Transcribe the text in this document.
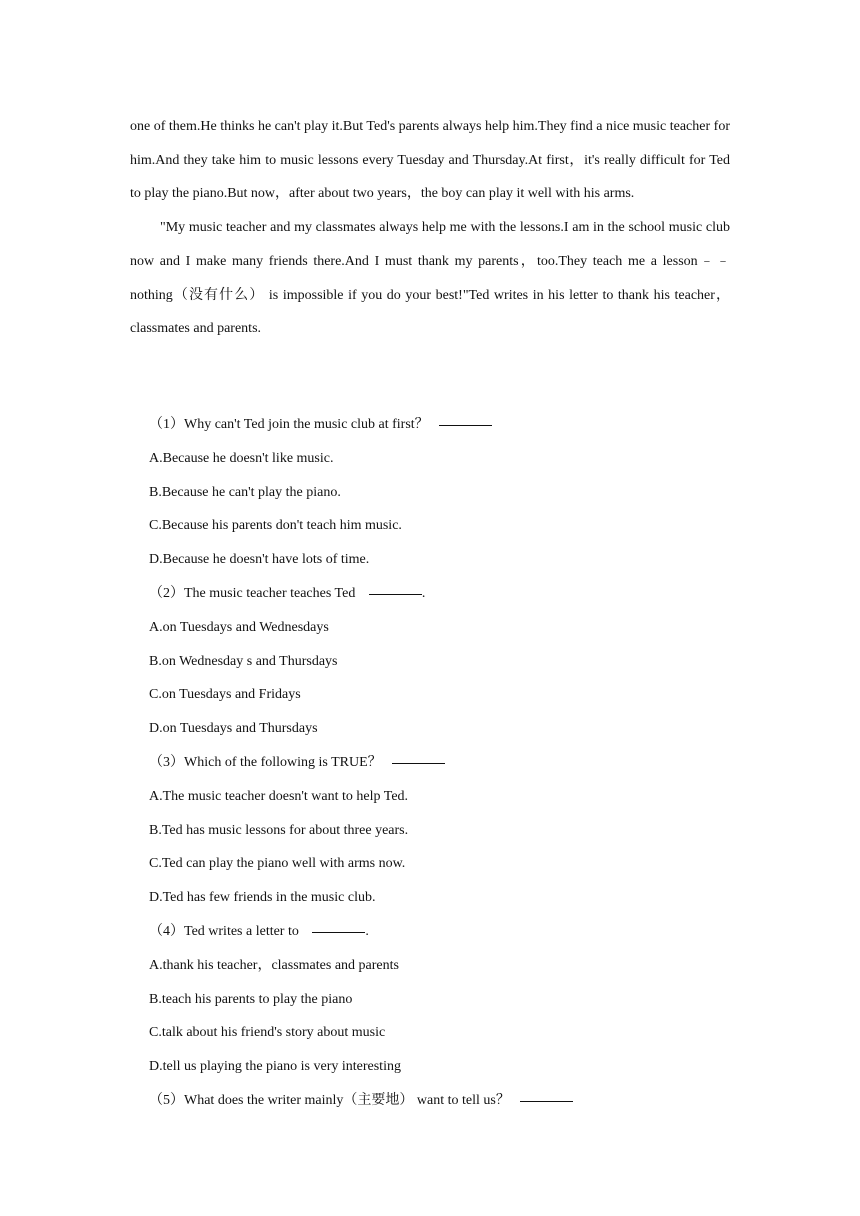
one of them.He thinks he can't play it.But Ted's parents always help him.They find a nice music teacher for him.And they take him to music lessons every Tuesday and Thursday.At first，it's really difficult for Ted to play the piano.But now，after about two years，the boy can play it well with his arms.

"My music teacher and my classmates always help me with the lessons.I am in the school music club now and I make many friends there.And I must thank my parents，too.They teach me a lesson﹣﹣nothing（没有什么） is impossible if you do your best!"Ted writes in his letter to thank his teacher，classmates and parents.

（1）Why can't Ted join the music club at first？
A.Because he doesn't like music.
B.Because he can't play the piano.
C.Because his parents don't teach him music.
D.Because he doesn't have lots of time.
（2）The music teacher teaches Ted	.
A.on Tuesdays and Wednesdays
B.on Wednesday s and Thursdays
C.on Tuesdays and Fridays
D.on Tuesdays and Thursdays
（3）Which of the following is TRUE？
A.The music teacher doesn't want to help Ted.
B.Ted has music lessons for about three years.
C.Ted can play the piano well with arms now.
D.Ted has few friends in the music club.
（4）Ted writes a letter to	.
A.thank his teacher，classmates and parents
B.teach his parents to play the piano
C.talk about his friend's story about music
D.tell us playing the piano is very interesting
（5）What does the writer mainly（主要地） want to tell us？
